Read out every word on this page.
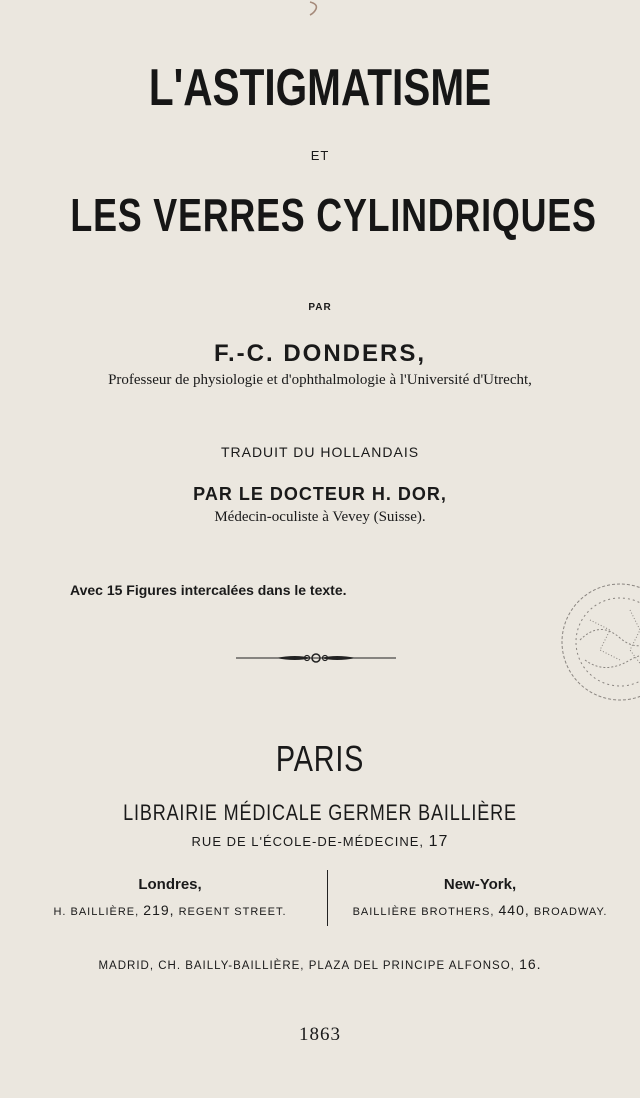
L'ASTIGMATISME
ET
LES VERRES CYLINDRIQUES
PAR
F.-C. DONDERS,
Professeur de physiologie et d'ophthalmologie à l'Université d'Utrecht,
TRADUIT DU HOLLANDAIS
PAR LE DOCTEUR H. DOR,
Médecin-oculiste à Vevey (Suisse).
Avec 15 Figures intercalées dans le texte.
PARIS
LIBRAIRIE MÉDICALE GERMER BAILLIÈRE
RUE DE L'ÉCOLE-DE-MÉDECINE, 17
Londres,
H. BAILLIÈRE, 219, REGENT STREET.
New-York,
BAILLIÈRE BROTHERS, 440, BROADWAY.
MADRID, CH. BAILLY-BAILLIÈRE, PLAZA DEL PRINCIPE ALFONSO, 16.
1863
